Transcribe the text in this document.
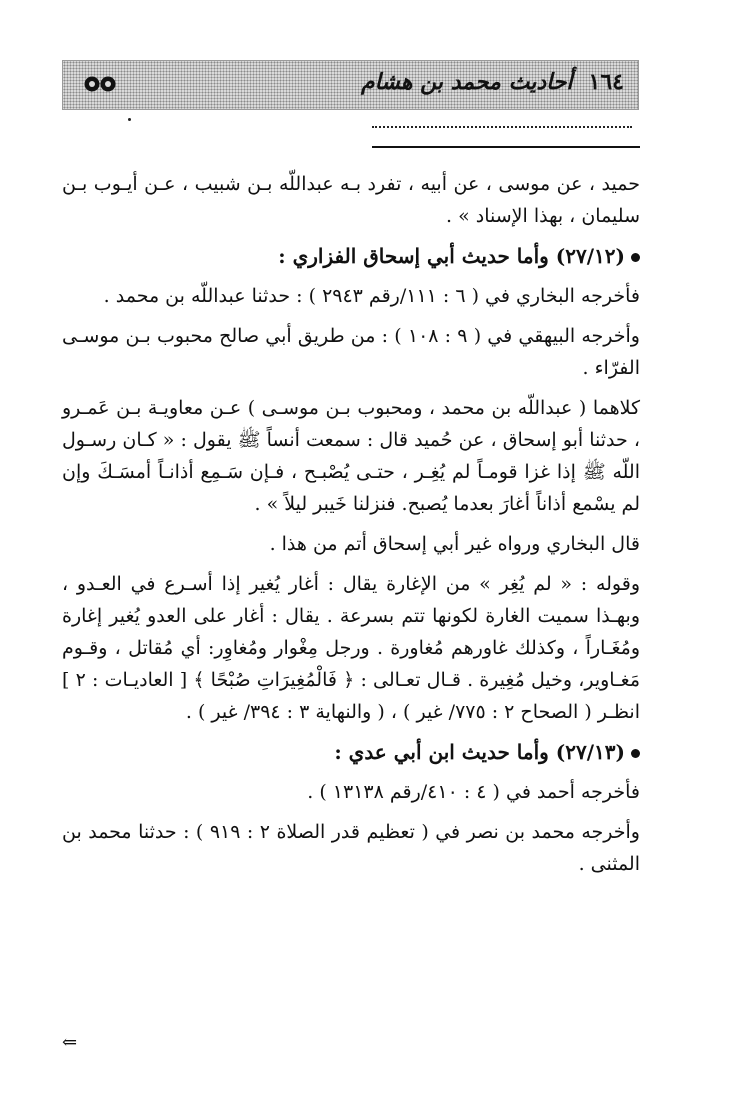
١٦٤أحاديث محمد بن هشام

حميد ، عن موسى ، عن أبيه ، تفرد بـه عبداللّه بـن شبيب ، عـن أيـوب بـن سليمان ، بهذا الإسناد » .

(٢٧/١٢) وأما حديث أبي إسحاق الفزاري :

فأخرجه البخاري في ( ٦ : ١١١/رقم ٢٩٤٣ ) : حدثنا عبداللّه بن محمد .

وأخرجه البيهقي في ( ٩ : ١٠٨ ) : من طريق أبي صالح محبوب بـن موسـى الفرّاء .

كلاهما ( عبداللّه بن محمد ، ومحبوب بـن موسـى ) عـن معاويـة بـن عَمـرو ، حدثنا أبو إسحاق ، عن حُميد قال : سمعت أنساً ﷺ يقول : « كـان رسـول اللّه ﷺ إذا غزا قومـاً لم يُغِـر ، حتـى يُصْبـح ، فـإن سَـمِع أذانـاً أمسَـكَ وإن لم يسْمع أذاناً أغارَ بعدما يُصبح. فنزلنا خَيبر ليلاً » .

قال البخاري ورواه غير أبي إسحاق أتم من هذا .

وقوله : « لم يُغِر » من الإغارة يقال : أغار يُغير إذا أسـرع في العـدو ، وبهـذا سميت الغارة لكونها تتم بسرعة . يقال : أغار على العدو يُغير إغارة ومُغَـاراً ، وكذلك غاورهم مُغاورة . ورجل مِغْوار ومُغاوِر: أي مُقاتل ، وقـوم مَغـاوير، وخيل مُغِيرة . قـال تعـالى : ﴿ فَالْمُغِيرَاتِ صُبْحًا ﴾ [ العاديـات : ٢ ] انظـر ( الصحاح ٢ : ٧٧٥/ غير ) ، ( والنهاية ٣ : ٣٩٤/ غير ) .

(٢٧/١٣) وأما حديث ابن أبي عدي :

فأخرجه أحمد في ( ٤ : ٤١٠/رقم ١٣١٣٨ ) .

وأخرجه محمد بن نصر في ( تعظيم قدر الصلاة ٢ : ٩١٩ ) : حدثنا محمد بن المثنى .

⇐
